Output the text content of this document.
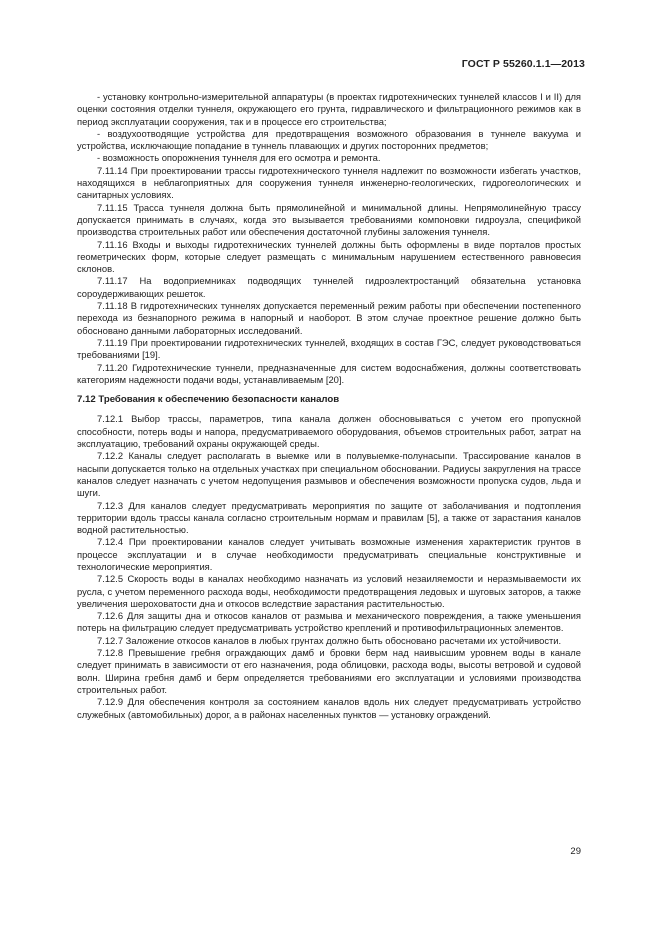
ГОСТ Р 55260.1.1—2013

- установку контрольно-измерительной аппаратуры (в проектах гидротехнических туннелей классов I и II) для оценки состояния отделки туннеля, окружающего его грунта, гидравлического и фильтрационного режимов как в период эксплуатации сооружения, так и в процессе его строительства;

- воздухоотводящие устройства для предотвращения возможного образования в туннеле вакуума и устройства, исключающие попадание в туннель плавающих и других посторонних предметов;

- возможность опорожнения туннеля для его осмотра и ремонта.

7.11.14 При проектировании трассы гидротехнического туннеля надлежит по возможности избегать участков, находящихся в неблагоприятных для сооружения туннеля инженерно-геологических, гидрогеологических и санитарных условиях.

7.11.15 Трасса туннеля должна быть прямолинейной и минимальной длины. Непрямолинейную трассу допускается принимать в случаях, когда это вызывается требованиями компоновки гидроузла, спецификой производства строительных работ или обеспечения достаточной глубины заложения туннеля.

7.11.16 Входы и выходы гидротехнических туннелей должны быть оформлены в виде порталов простых геометрических форм, которые следует размещать с минимальным нарушением естественного равновесия склонов.

7.11.17 На водоприемниках подводящих туннелей гидроэлектростанций обязательна установка сороудерживающих решеток.

7.11.18 В гидротехнических туннелях допускается переменный режим работы при обеспечении постепенного перехода из безнапорного режима в напорный и наоборот. В этом случае проектное решение должно быть обосновано данными лабораторных исследований.

7.11.19 При проектировании гидротехнических туннелей, входящих в состав ГЭС, следует руководствоваться требованиями [19].

7.11.20 Гидротехнические туннели, предназначенные для систем водоснабжения, должны соответствовать категориям надежности подачи воды, устанавливаемым [20].

7.12 Требования к обеспечению безопасности каналов

7.12.1 Выбор трассы, параметров, типа канала должен обосновываться с учетом его пропускной способности, потерь воды и напора, предусматриваемого оборудования, объемов строительных работ, затрат на эксплуатацию, требований охраны окружающей среды.

7.12.2 Каналы следует располагать в выемке или в полувыемке-полунасыпи. Трассирование каналов в насыпи допускается только на отдельных участках при специальном обосновании. Радиусы закругления на трассе каналов следует назначать с учетом недопущения размывов и обеспечения возможности пропуска судов, льда и шуги.

7.12.3 Для каналов следует предусматривать мероприятия по защите от заболачивания и подтопления территории вдоль трассы канала согласно строительным нормам и правилам [5], а также от зарастания каналов водной растительностью.

7.12.4 При проектировании каналов следует учитывать возможные изменения характеристик грунтов в процессе эксплуатации и в случае необходимости предусматривать специальные конструктивные и технологические мероприятия.

7.12.5 Скорость воды в каналах необходимо назначать из условий незаиляемости и неразмываемости их русла, с учетом переменного расхода воды, необходимости предотвращения ледовых и шуговых заторов, а также увеличения шероховатости дна и откосов вследствие зарастания растительностью.

7.12.6 Для защиты дна и откосов каналов от размыва и механического повреждения, а также уменьшения потерь на фильтрацию следует предусматривать устройство креплений и противофильтрационных элементов.

7.12.7 Заложение откосов каналов в любых грунтах должно быть обосновано расчетами их устойчивости.

7.12.8 Превышение гребня ограждающих дамб и бровки берм над наивысшим уровнем воды в канале следует принимать в зависимости от его назначения, рода облицовки, расхода воды, высоты ветровой и судовой волн. Ширина гребня дамб и берм определяется требованиями его эксплуатации и условиями производства строительных работ.

7.12.9 Для обеспечения контроля за состоянием каналов вдоль них следует предусматривать устройство служебных (автомобильных) дорог, а в районах населенных пунктов — установку ограждений.

29
